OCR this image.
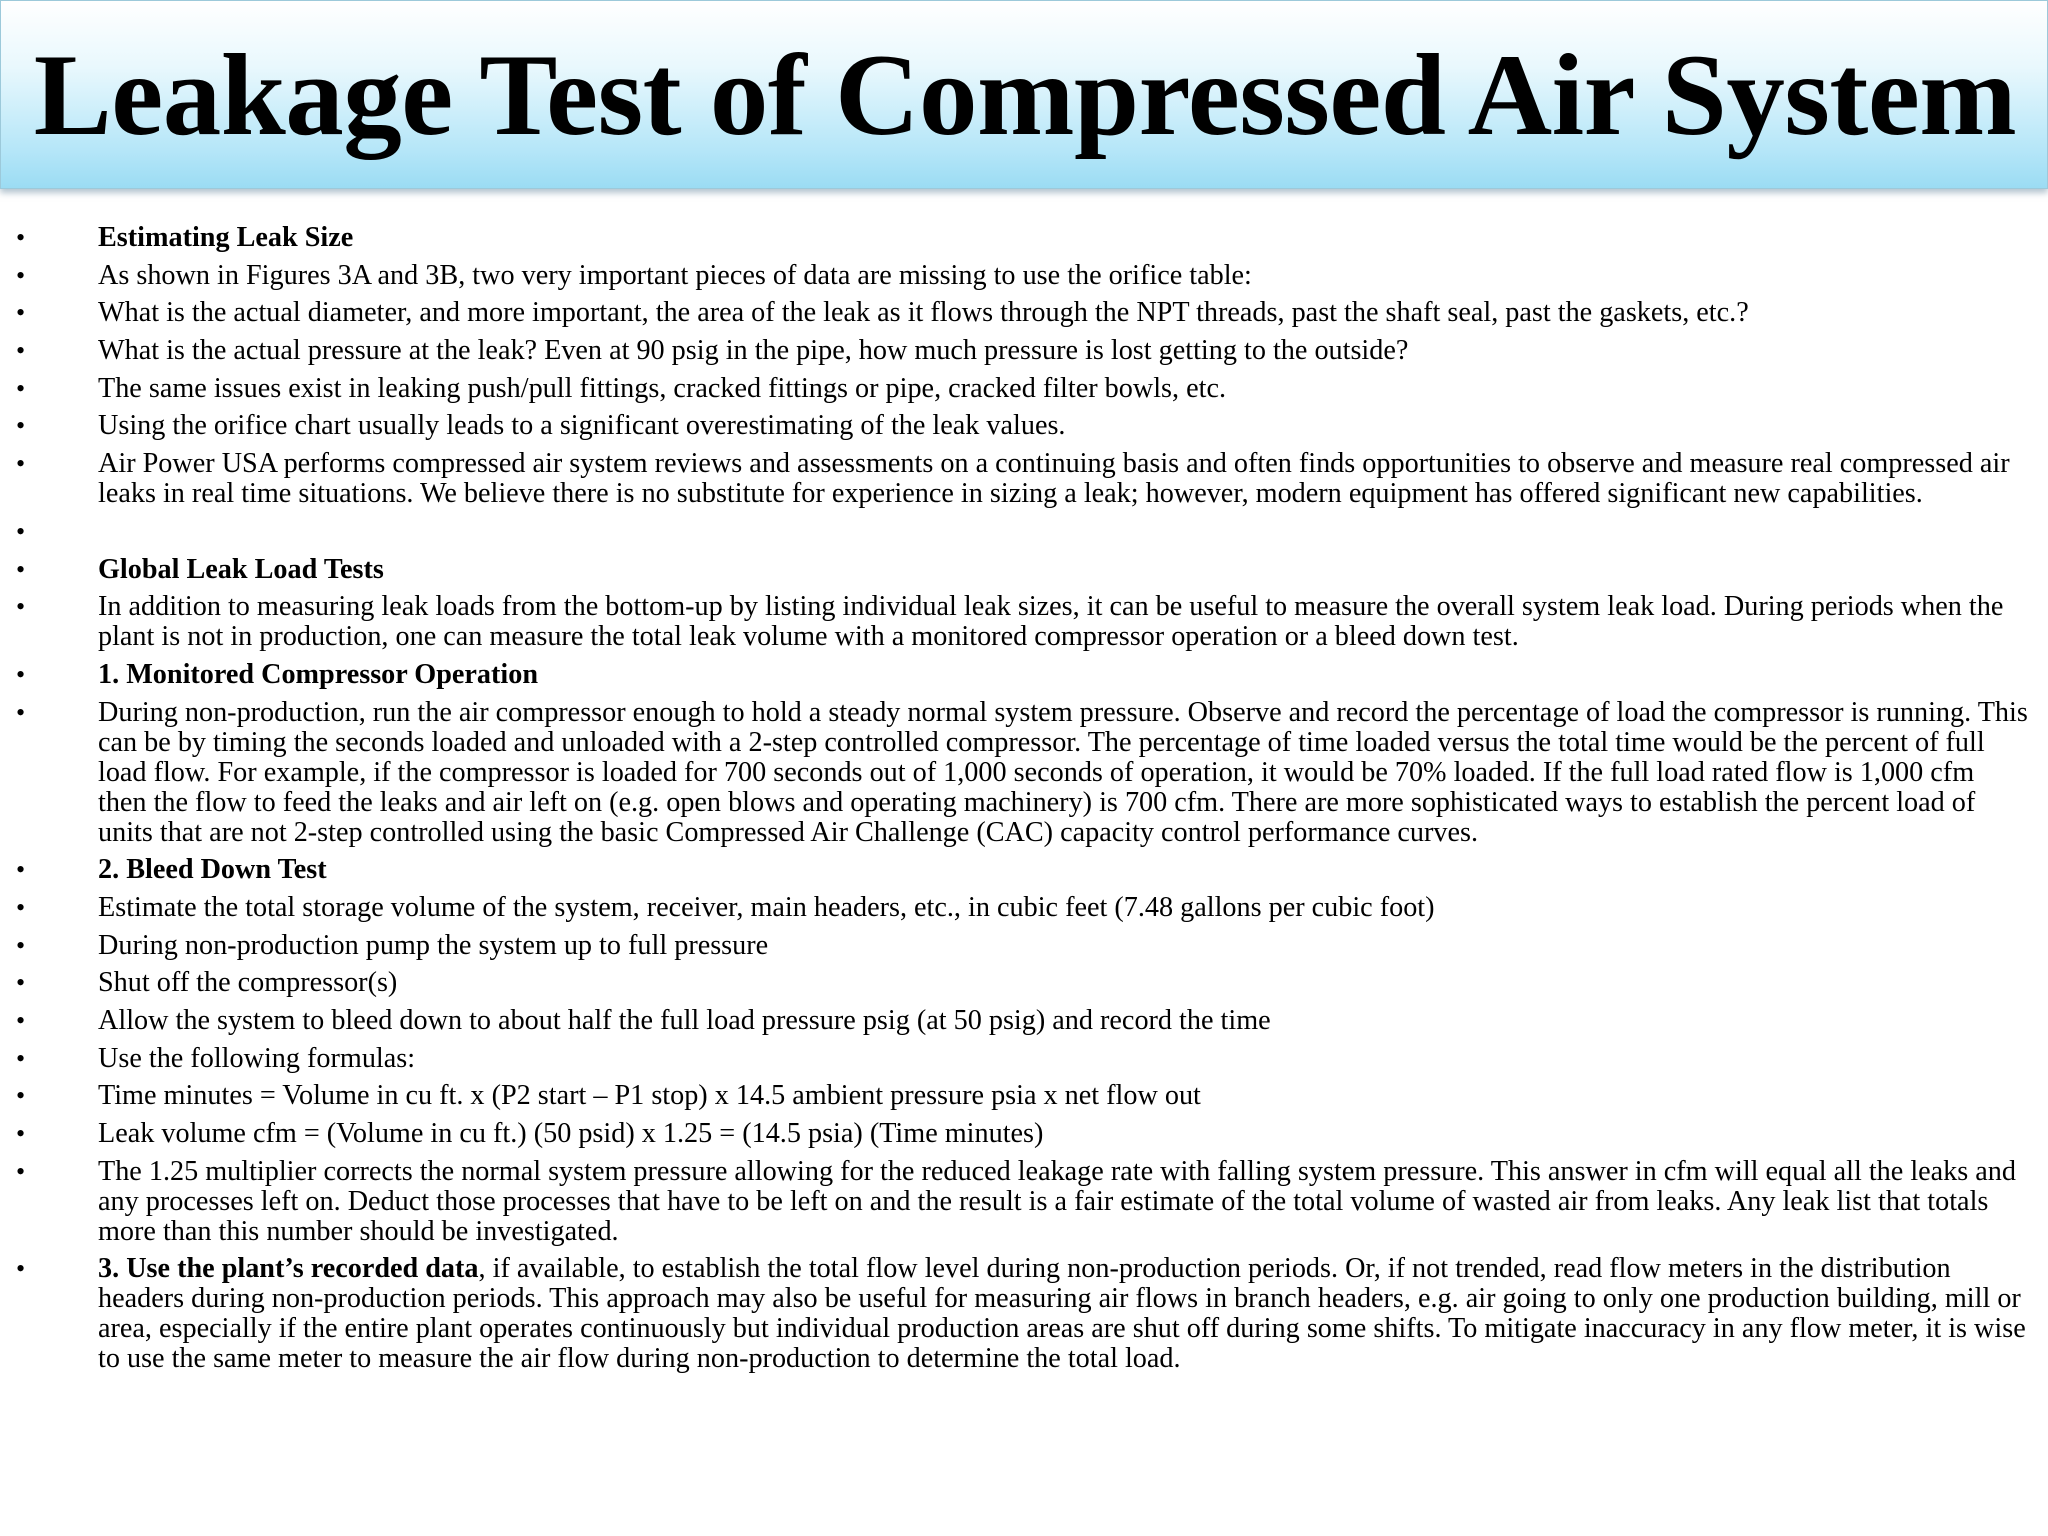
Leakage Test of Compressed Air System
•	Estimating Leak Size
•	As shown in Figures 3A and 3B, two very important pieces of data are missing to use the orifice table:
•	What is the actual diameter, and more important, the area of the leak as it flows through the NPT threads, past the shaft seal, past the gaskets, etc.?
•	What is the actual pressure at the leak? Even at 90 psig in the pipe, how much pressure is lost getting to the outside?
•	The same issues exist in leaking push/pull fittings, cracked fittings or pipe, cracked filter bowls, etc.
•	Using the orifice chart usually leads to a significant overestimating of the leak values.
•	Air Power USA performs compressed air system reviews and assessments on a continuing basis and often finds opportunities to observe and measure real compressed air leaks in real time situations. We believe there is no substitute for experience in sizing a leak; however, modern equipment has offered significant new capabilities.
•
•	Global Leak Load Tests
•	In addition to measuring leak loads from the bottom-up by listing individual leak sizes, it can be useful to measure the overall system leak load. During periods when the plant is not in production, one can measure the total leak volume with a monitored compressor operation or a bleed down test.
•	1. Monitored Compressor Operation
•	During non-production, run the air compressor enough to hold a steady normal system pressure. Observe and record the percentage of load the compressor is running. This can be by timing the seconds loaded and unloaded with a 2-step controlled compressor. The percentage of time loaded versus the total time would be the percent of full load flow. For example, if the compressor is loaded for 700 seconds out of 1,000 seconds of operation, it would be 70% loaded. If the full load rated flow is 1,000 cfm then the flow to feed the leaks and air left on (e.g. open blows and operating machinery) is 700 cfm. There are more sophisticated ways to establish the percent load of units that are not 2-step controlled using the basic Compressed Air Challenge (CAC) capacity control performance curves.
•	2. Bleed Down Test
•	Estimate the total storage volume of the system, receiver, main headers, etc., in cubic feet (7.48 gallons per cubic foot)
•	During non-production pump the system up to full pressure
•	Shut off the compressor(s)
•	Allow the system to bleed down to about half the full load pressure psig (at 50 psig) and record the time
•	Use the following formulas:
•	Time minutes = Volume in cu ft. x (P2 start – P1 stop) x 14.5 ambient pressure psia x net flow out
•	Leak volume cfm = (Volume in cu ft.) (50 psid) x 1.25 = (14.5 psia) (Time minutes)
•	The 1.25 multiplier corrects the normal system pressure allowing for the reduced leakage rate with falling system pressure. This answer in cfm will equal all the leaks and any processes left on. Deduct those processes that have to be left on and the result is a fair estimate of the total volume of wasted air from leaks. Any leak list that totals more than this number should be investigated.
•	3. Use the plant’s recorded data, if available, to establish the total flow level during non-production periods. Or, if not trended, read flow meters in the distribution headers during non-production periods. This approach may also be useful for measuring air flows in branch headers, e.g. air going to only one production building, mill or area, especially if the entire plant operates continuously but individual production areas are shut off during some shifts. To mitigate inaccuracy in any flow meter, it is wise to use the same meter to measure the air flow during non-production to determine the total load.
